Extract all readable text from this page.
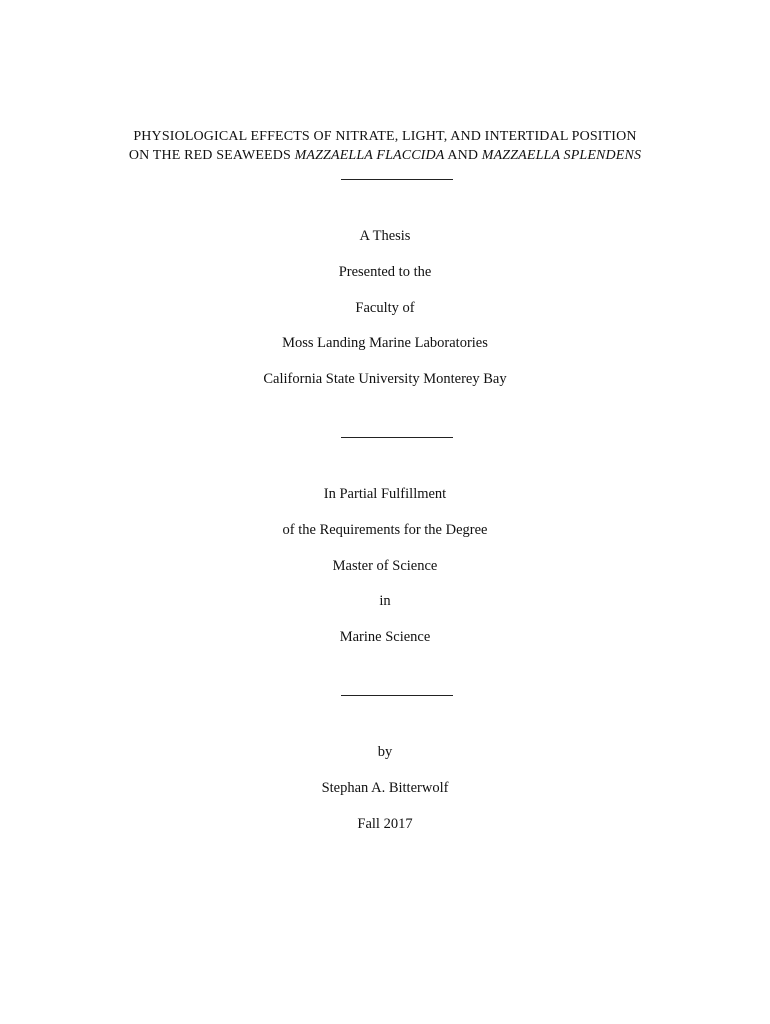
PHYSIOLOGICAL EFFECTS OF NITRATE, LIGHT, AND INTERTIDAL POSITION
ON THE RED SEAWEEDS MAZZAELLA FLACCIDA AND MAZZAELLA SPLENDENS
A Thesis
Presented to the
Faculty of
Moss Landing Marine Laboratories
California State University Monterey Bay
In Partial Fulfillment
of the Requirements for the Degree
Master of Science
in
Marine Science
by
Stephan A. Bitterwolf
Fall 2017
